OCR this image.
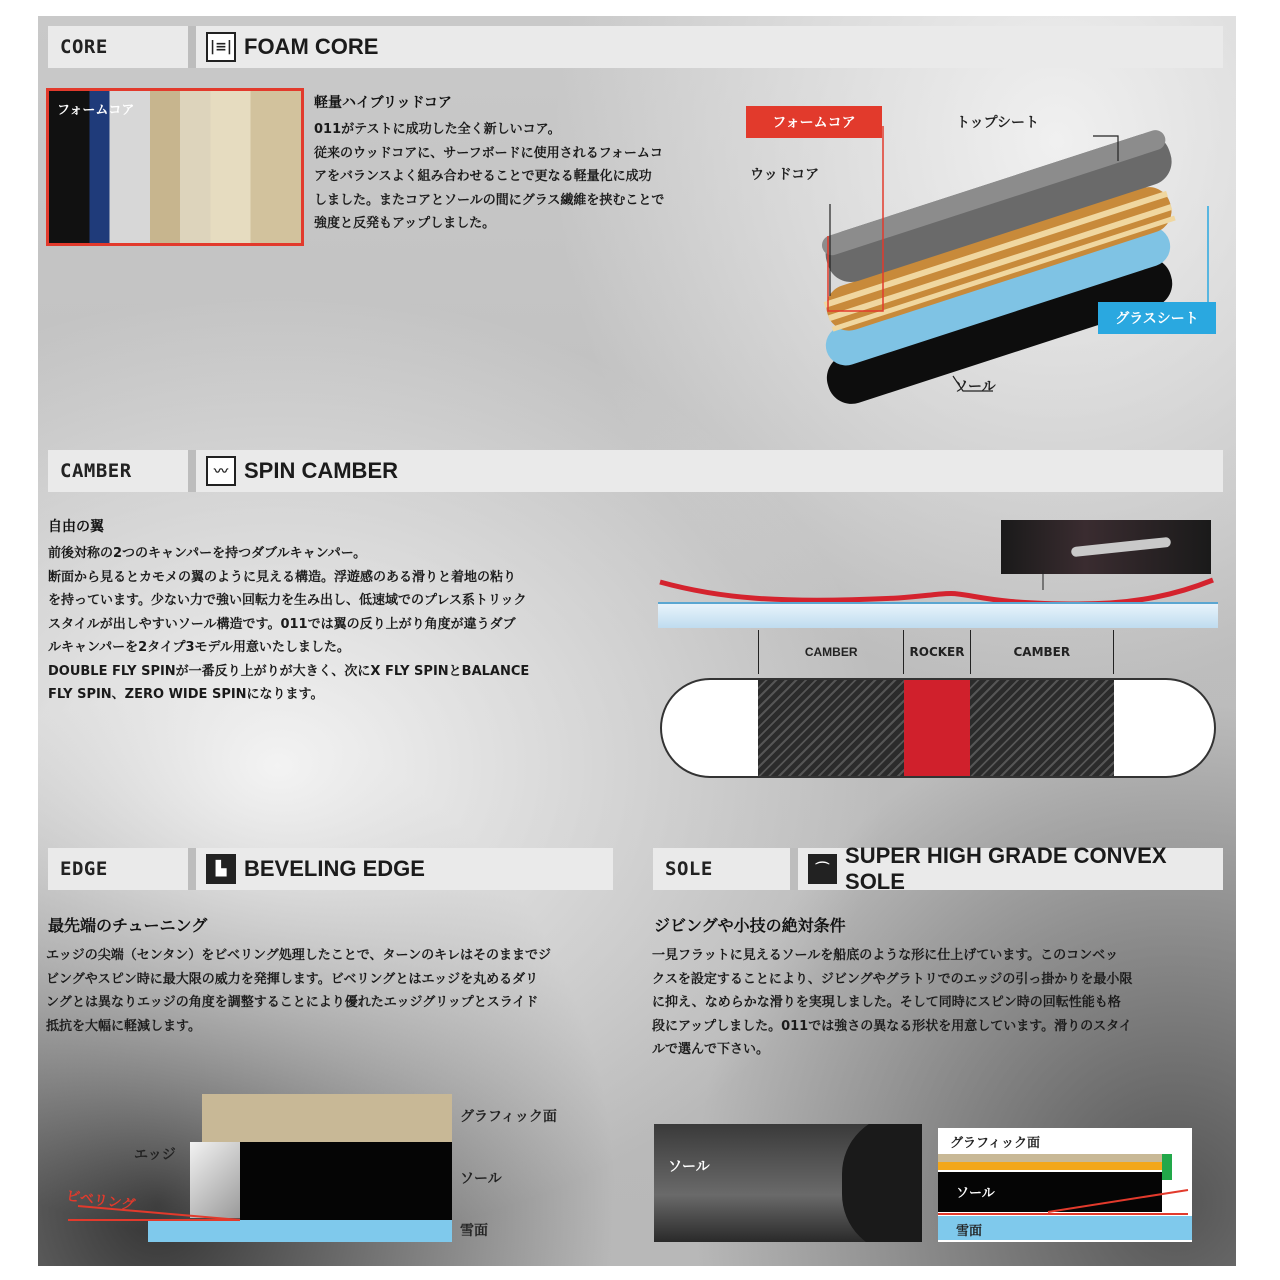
CORE	|≡| FOAM CORE
フォームコア	軽量ハイブリッドコア
011がテストに成功した全く新しいコア。
従来のウッドコアに、サーフボードに使用されるフォームコ
アをバランスよく組み合わせることで更なる軽量化に成功
しました。またコアとソールの間にグラス繊維を挟むことで
強度と反発もアップしました。
フォームコア	トップシート
ウッドコア
グラスシート
ソール
CAMBER	〰 SPIN CAMBER
自由の翼
前後対称の2つのキャンパーを持つダブルキャンパー。
断面から見るとカモメの翼のように見える構造。浮遊感のある滑りと着地の粘り
を持っています。少ない力で強い回転力を生み出し、低速域でのプレス系トリック
スタイルが出しやすいソール構造です。011では翼の反り上がり角度が違うダブ
ルキャンパーを2タイプ3モデル用意いたしました。
DOUBLE FLY SPINが一番反り上がりが大きく、次にX FLY SPINとBALANCE
FLY SPIN、ZERO WIDE SPINになります。
CAMBER	ROCKER	CAMBER
EDGE	▙ BEVELING EDGE
最先端のチューニング
エッジの尖端（センタン）をビベリング処理したことで、ターンのキレはそのままでジ
ビングやスピン時に最大限の威力を発揮します。ビベリングとはエッジを丸めるダリ
ングとは異なりエッジの角度を調整することにより優れたエッジグリップとスライド
抵抗を大幅に軽減します。
グラフィック面
エッジ
ビベリング
ソール
雪面
SOLE	⌒
SUPER HIGH GRADE CONVEX SOLE
ジビングや小技の絶対条件
一見フラットに見えるソールを船底のような形に仕上げています。このコンベッ
クスを設定することにより、ジビングやグラトリでのエッジの引っ掛かりを最小限
に抑え、なめらかな滑りを実現しました。そして同時にスピン時の回転性能も格
段にアップしました。011では強さの異なる形状を用意しています。滑りのスタイ
ルで選んで下さい。
ソール
グラフィック面
ソール
雪面
